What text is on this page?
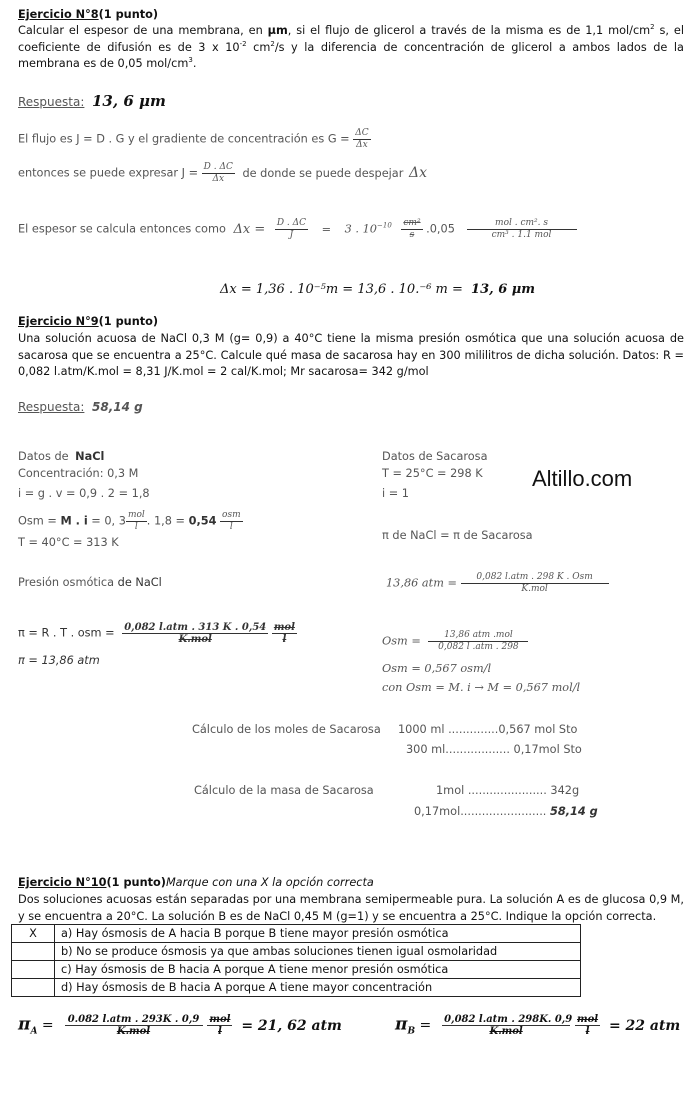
Ejercicio N°8(1 punto)
Calcular el espesor de una membrana, en µm, si el flujo de glicerol a través de la misma es de 1,1 mol/$cm^2$ s, el coeficiente de difusión es de 3 x $10^{-2}$ $cm^2/s$ y la diferencia de concentración de glicerol a ambos lados de la membrana es de 0,05 mol/$cm^3$.
Respuesta: 13, 6 μm
El flujo es J = D . G y el gradiente de concentración es $G = \frac{\Delta C}{\Delta x}$
entonces se puede expresar $J = \frac{D . \Delta C}{\Delta x}$ de donde se puede despejar Δx
El espesor se calcula entonces como $\Delta x = \frac{D . \Delta C}{J} = 3$ . $10^{-10} \frac{\text{cm²}}{s} .0,05 \frac{\text{mol . cm². s}}{\text{cm³ . 1.1 mol}}$
Δx = 1,36 . 10⁻⁵m = 13,6 . 10.⁻⁶ m = 13, 6 μm
Ejercicio N°9(1 punto)
Una solución acuosa de NaCl 0,3 M (g= 0,9) a 40°C tiene la misma presión osmótica que una solución acuosa de sacarosa que se encuentra a 25°C. Calcule qué masa de sacarosa hay en 300 mililitros de dicha solución. Datos: R = 0,082 l.atm/K.mol = 8,31 J/K.mol = 2 cal/K.mol; Mr sacarosa= 342 g/mol
Respuesta: 58,14 g
Datos de NaCl
Concentración: 0,3 M
i = g . v = 0,9 . 2 = 1,8
Osm = M . i = 0, $3 \frac{\text{mol}}{l}$ . $1,8 = 0,54 \frac{\text{osm}}{l}$
T = 40°C = 313 K
Presión osmótica de NaCl
π = R . T . osm = $\frac{\text{0,082 l.atm . 313 K . 0,54}}{\text{K.mol}}$
$\frac{\text{mol}}{l}$
π = 13,86 atm
Datos de Sacarosa
T = 25°C = 298 K
i = 1
Altillo.com
π de NaCl = π de Sacarosa
13,86 atm = $\frac{\text{0,082 l.atm . 298 K . Osm}}{\text{K.mol}}$
Osm = $\frac{\text{13,86 atm .mol}}{\text{0,082 l .atm . 298}}$
Osm = 0,567 osm/l
con Osm = M. i → M = 0,567 mol/l
Cálculo de los moles de Sacarosa 1000 ml ..............0,567 mol Sto
300 ml.................. 0,17mol Sto
Cálculo de la masa de Sacarosa	1mol ...................... 342g
0,17mol........................ 58,14 g
Ejercicio N°10(1 punto)Marque con una X la opción correcta
Dos soluciones acuosas están separadas por una membrana semipermeable pura. La solución A es de glucosa 0,9 M, y se encuentra a 20°C. La solución B es de NaCl 0,45 M (g=1) y se encuentra a 25°C. Indique la opción correcta.
X	a) Hay ósmosis de A hacia B porque B tiene mayor presión osmótica
	b) No se produce ósmosis ya que ambas soluciones tienen igual osmolaridad
	c) Hay ósmosis de B hacia A porque A tiene menor presión osmótica
	d) Hay ósmosis de B hacia A porque A tiene mayor concentración
$\pi_A = \frac{\text{0.082 l.atm . 293K . 0,9}}{\text{K.mol}}$
$\frac{\text{mol}}{l} = 21$, 62 atm	$\pi_B = \frac{\text{0,082 l.atm . 298K. 0,9}}{\text{K.mol}}$
$\frac{\text{mol}}{l} = 22$ atm
